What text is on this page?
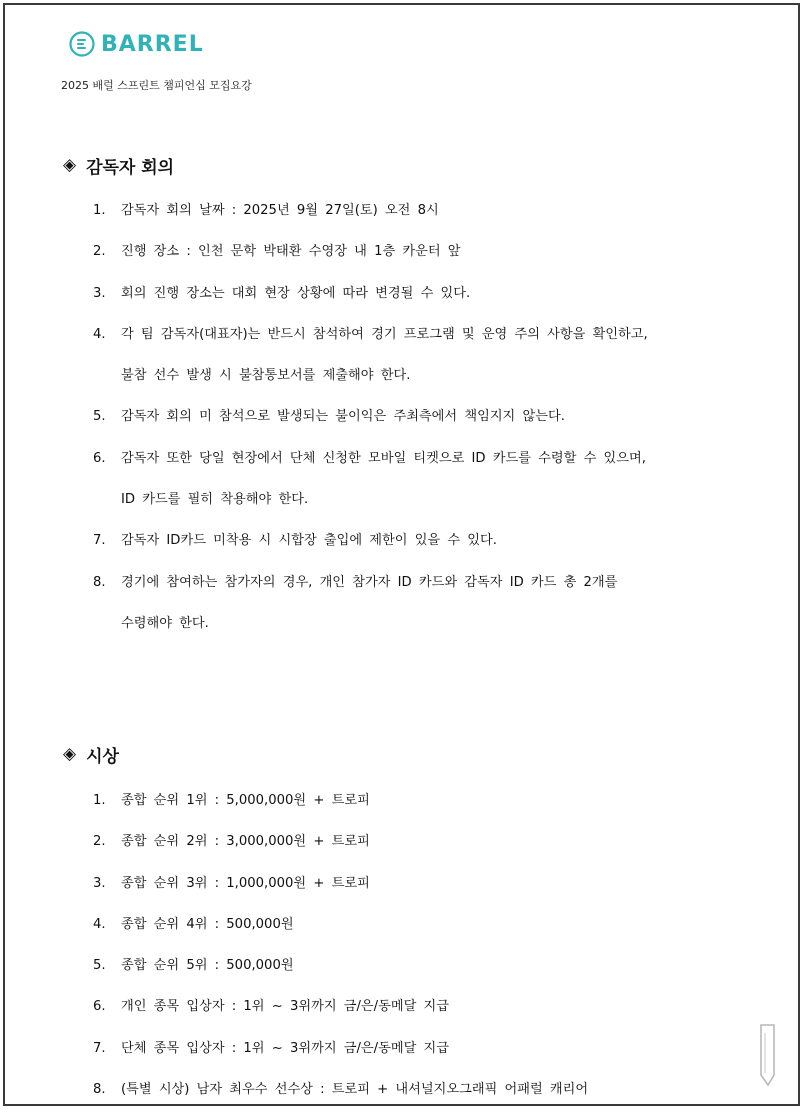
BARREL
2025 배럴 스프린트 챔피언십 모집요강
◈ 감독자 회의
1.	감독자 회의 날짜 : 2025년 9월 27일(토) 오전 8시
2.	진행 장소 : 인천 문학 박태환 수영장 내 1층 카운터 앞
3.	회의 진행 장소는 대회 현장 상황에 따라 변경될 수 있다.
4.	각 팀 감독자(대표자)는 반드시 참석하여 경기 프로그램 및 운영 주의 사항을 확인하고,
불참 선수 발생 시 불참통보서를 제출해야 한다.
5.	감독자 회의 미 참석으로 발생되는 불이익은 주최측에서 책임지지 않는다.
6.	감독자 또한 당일 현장에서 단체 신청한 모바일 티켓으로 ID 카드를 수령할 수 있으며,
ID 카드를 필히 착용해야 한다.
7.	감독자 ID카드 미착용 시 시합장 출입에 제한이 있을 수 있다.
8.	경기에 참여하는 참가자의 경우, 개인 참가자 ID 카드와 감독자 ID 카드 총 2개를
수령해야 한다.
◈ 시상
1.	종합 순위 1위 : 5,000,000원 + 트로피
2.	종합 순위 2위 : 3,000,000원 + 트로피
3.	종합 순위 3위 : 1,000,000원 + 트로피
4.	종합 순위 4위 : 500,000원
5.	종합 순위 5위 : 500,000원
6.	개인 종목 입상자 : 1위 ~ 3위까지 금/은/동메달 지급
7.	단체 종목 입상자 : 1위 ~ 3위까지 금/은/동메달 지급
8.	(특별 시상) 남자 최우수 선수상 : 트로피 + 내셔널지오그래픽 어패럴 캐리어
